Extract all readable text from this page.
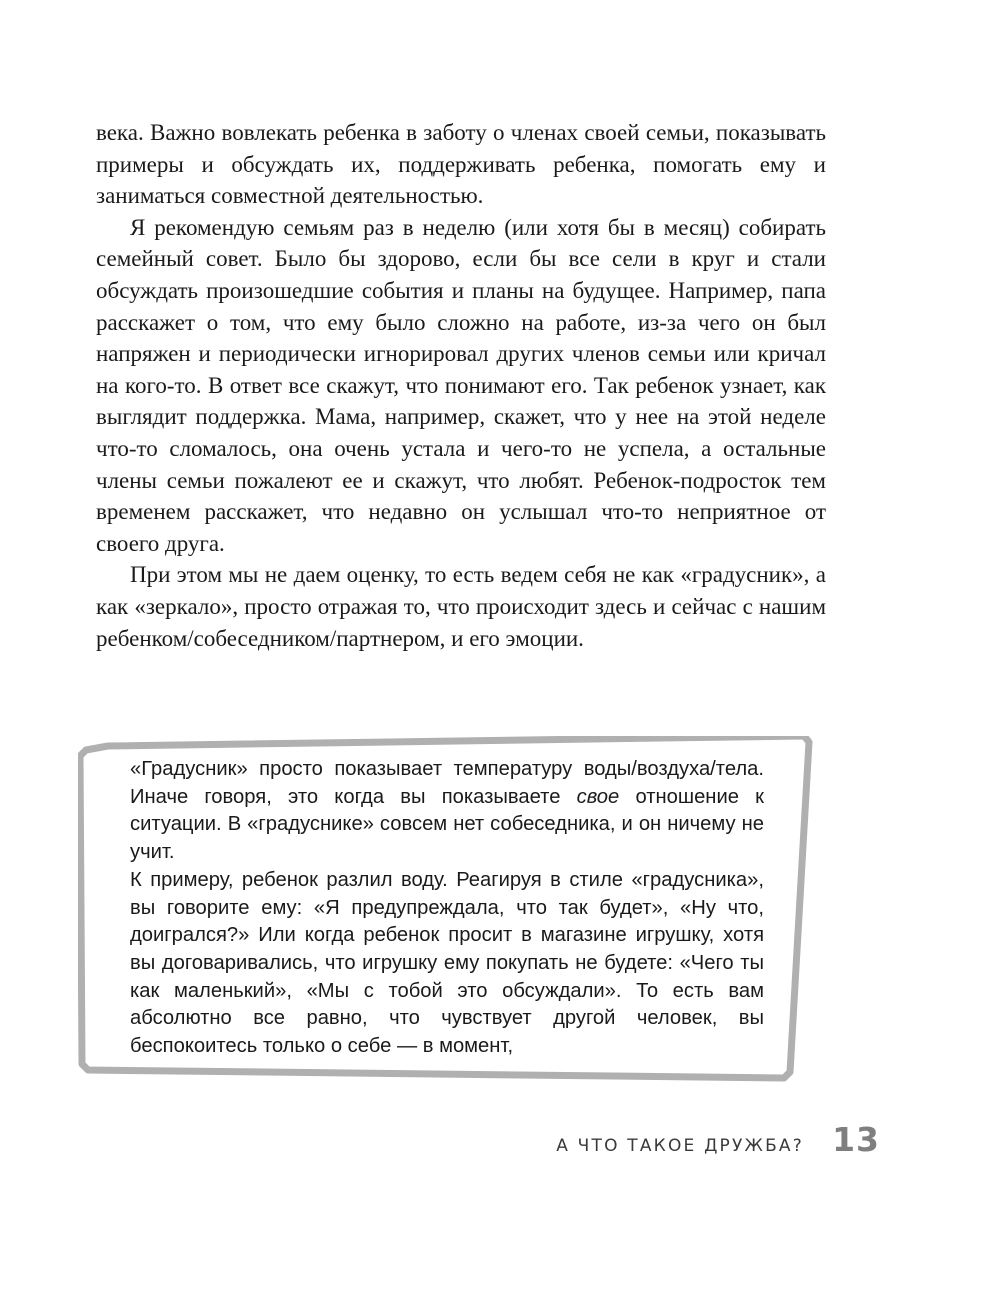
века. Важно вовлекать ребенка в заботу о членах своей семьи, показывать примеры и обсуждать их, поддерживать ребенка, помогать ему и заниматься совместной деятельностью.

Я рекомендую семьям раз в неделю (или хотя бы в месяц) собирать семейный совет. Было бы здорово, если бы все сели в круг и стали обсуждать произошедшие события и планы на будущее. Например, папа расскажет о том, что ему было сложно на работе, из-за чего он был напряжен и периодически игнорировал других членов семьи или кричал на кого-то. В ответ все скажут, что понимают его. Так ребенок узнает, как выглядит поддержка. Мама, например, скажет, что у нее на этой неделе что-то сломалось, она очень устала и чего-то не успела, а остальные члены семьи пожалеют ее и скажут, что любят. Ребенок-подросток тем временем расскажет, что недавно он услышал что-то неприятное от своего друга.

При этом мы не даем оценку, то есть ведем себя не как «градусник», а как «зеркало», просто отражая то, что происходит здесь и сейчас с нашим ребенком/собеседником/партнером, и его эмоции.

«Градусник» просто показывает температуру воды/воздуха/тела. Иначе говоря, это когда вы показываете свое отношение к ситуации. В «градуснике» совсем нет собеседника, и он ничему не учит.

К примеру, ребенок разлил воду. Реагируя в стиле «градусника», вы говорите ему: «Я предупреждала, что так будет», «Ну что, доигрался?» Или когда ребенок просит в магазине игрушку, хотя вы договаривались, что игрушку ему покупать не будете: «Чего ты как маленький», «Мы с тобой это обсуждали». То есть вам абсолютно все равно, что чувствует другой человек, вы беспокоитесь только о себе — в момент,

А ЧТО ТАКОЕ ДРУЖБА? 13
